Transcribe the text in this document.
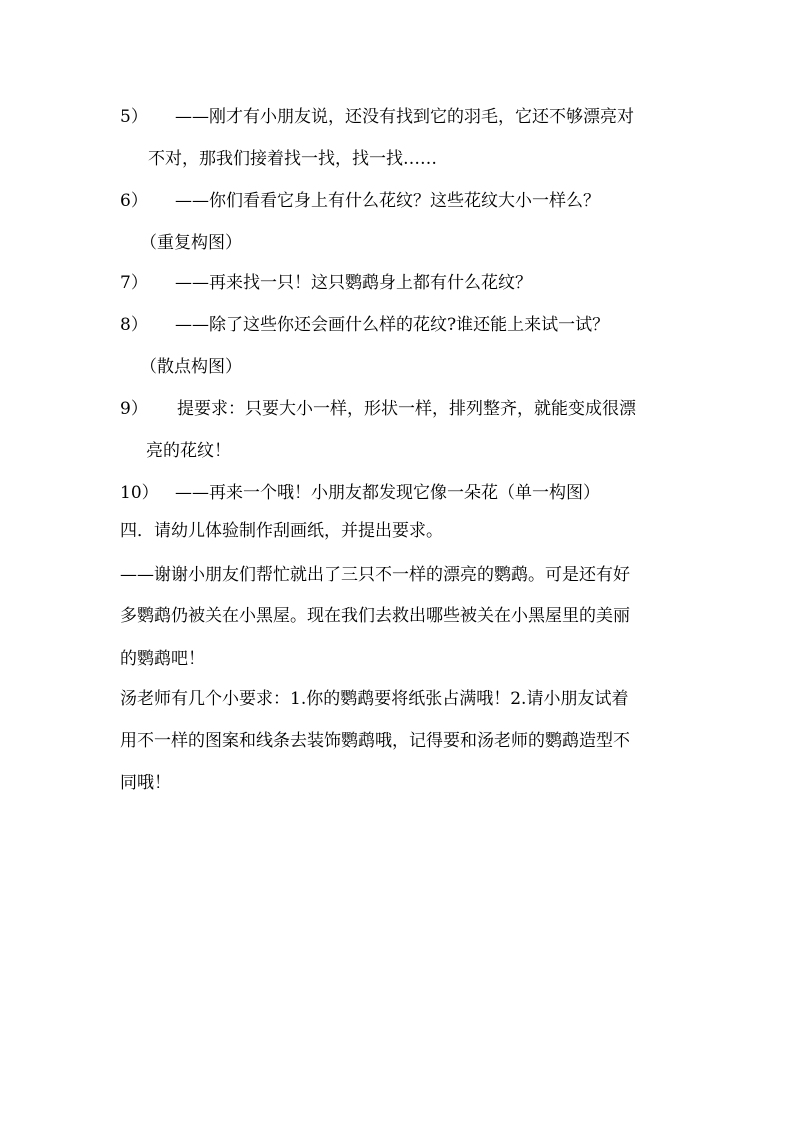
5） ——刚才有小朋友说，还没有找到它的羽毛，它还不够漂亮对
不对，那我们接着找一找，找一找……
6） ——你们看看它身上有什么花纹？这些花纹大小一样么？
（重复构图）
7） ——再来找一只！这只鹦鹉身上都有什么花纹？
8） ——除了这些你还会画什么样的花纹?谁还能上来试一试？
（散点构图）
9） 提要求：只要大小一样，形状一样，排列整齐，就能变成很漂
亮的花纹！
10） ——再来一个哦！小朋友都发现它像一朵花（单一构图）
四．请幼儿体验制作刮画纸，并提出要求。
——谢谢小朋友们帮忙就出了三只不一样的漂亮的鹦鹉。可是还有好
多鹦鹉仍被关在小黑屋。现在我们去救出哪些被关在小黑屋里的美丽
的鹦鹉吧！
汤老师有几个小要求：1.你的鹦鹉要将纸张占满哦！2.请小朋友试着
用不一样的图案和线条去装饰鹦鹉哦，记得要和汤老师的鹦鹉造型不
同哦！
